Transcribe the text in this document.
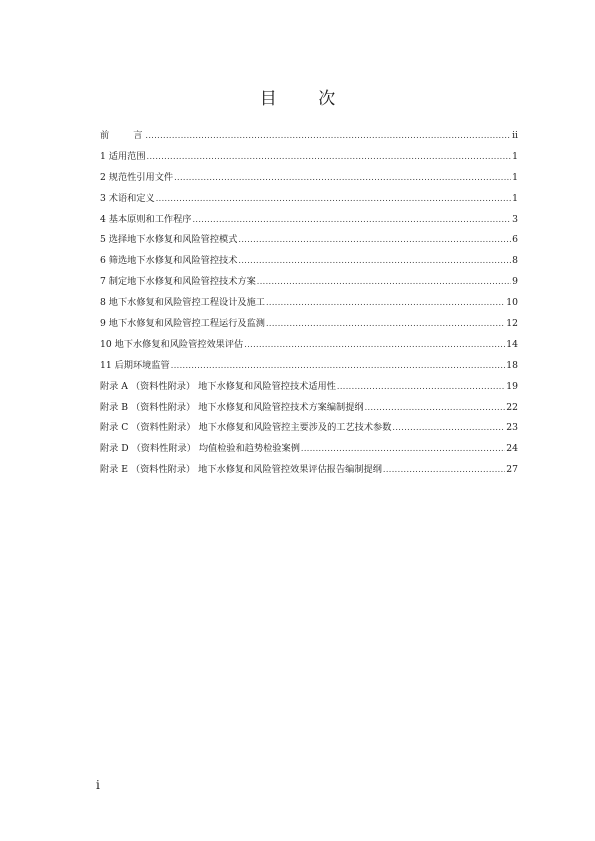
目 次
前 言 .....	ii
1 适用范围 .....	1
2 规范性引用文件 .....	1
3 术语和定义 .....	1
4 基本原则和工作程序 .....	3
5 选择地下水修复和风险管控模式 .....	6
6 筛选地下水修复和风险管控技术 .....	8
7 制定地下水修复和风险管控技术方案 .....	9
8 地下水修复和风险管控工程设计及施工 .....	10
9 地下水修复和风险管控工程运行及监测 .....	12
10 地下水修复和风险管控效果评估 .....	14
11 后期环境监管 .....	18
附录 A （资料性附录） 地下水修复和风险管控技术适用性 .....	19
附录 B （资料性附录） 地下水修复和风险管控技术方案编制提纲 .....	22
附录 C （资料性附录） 地下水修复和风险管控主要涉及的工艺技术参数 .....	23
附录 D （资料性附录） 均值检验和趋势检验案例 .....	24
附录 E （资料性附录） 地下水修复和风险管控效果评估报告编制提纲 .....	27
i
